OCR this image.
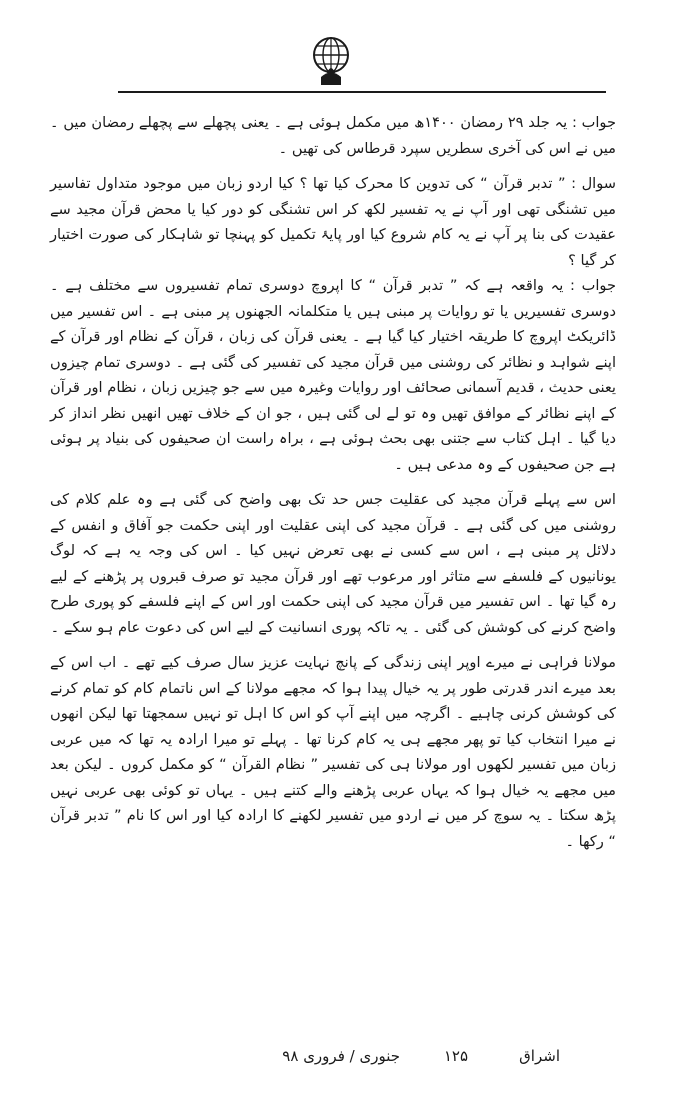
جواب : یہ جلد ۲۹ رمضان ۱۴۰۰ھ میں مکمل ہوئی ہے ۔ یعنی پچھلے سے پچھلے رمضان میں ۔ میں نے اس کی آخری سطریں سپرد قرطاس کی تھیں ۔

سوال : ” تدبر قرآن “ کی تدوین کا محرک کیا تھا ؟ کیا اردو زبان میں موجود متداول تفاسیر میں تشنگی تھی اور آپ نے یہ تفسیر لکھ کر اس تشنگی کو دور کیا یا محض قرآن مجید سے عقیدت کی بنا پر آپ نے یہ کام شروع کیا اور پایۂ تکمیل کو پہنچا تو شاہکار کی صورت اختیار کر گیا ؟

جواب : یہ واقعہ ہے کہ ” تدبر قرآن “ کا اپروچ دوسری تمام تفسیروں سے مختلف ہے ۔ دوسری تفسیریں یا تو روایات پر مبنی ہیں یا متکلمانہ الجھنوں پر مبنی ہے ۔ اس تفسیر میں ڈائریکٹ اپروچ کا طریقہ اختیار کیا گیا ہے ۔ یعنی قرآن کی زبان ، قرآن کے نظام اور قرآن کے اپنے شواہد و نظائر کی روشنی میں قرآن مجید کی تفسیر کی گئی ہے ۔ دوسری تمام چیزوں یعنی حدیث ، قدیم آسمانی صحائف اور روایات وغیرہ میں سے جو چیزیں زبان ، نظام اور قرآن کے اپنے نظائر کے موافق تھیں وہ تو لے لی گئی ہیں ، جو ان کے خلاف تھیں انھیں نظر انداز کر دیا گیا ۔ اہل کتاب سے جتنی بھی بحث ہوئی ہے ، براہ راست ان صحیفوں کی بنیاد پر ہوئی ہے جن صحیفوں کے وہ مدعی ہیں ۔

اس سے پہلے قرآن مجید کی عقلیت جس حد تک بھی واضح کی گئی ہے وہ علم کلام کی روشنی میں کی گئی ہے ۔ قرآن مجید کی اپنی عقلیت اور اپنی حکمت جو آفاق و انفس کے دلائل پر مبنی ہے ، اس سے کسی نے بھی تعرض نہیں کیا ۔ اس کی وجہ یہ ہے کہ لوگ یونانیوں کے فلسفے سے متاثر اور مرعوب تھے اور قرآن مجید تو صرف قبروں پر پڑھنے کے لیے رہ گیا تھا ۔ اس تفسیر میں قرآن مجید کی اپنی حکمت اور اس کے اپنے فلسفے کو پوری طرح واضح کرنے کی کوشش کی گئی ۔ یہ تاکہ پوری انسانیت کے لیے اس کی دعوت عام ہو سکے ۔

مولانا فراہی نے میرے اوپر اپنی زندگی کے پانچ نہایت عزیز سال صرف کیے تھے ۔ اب اس کے بعد میرے اندر قدرتی طور پر یہ خیال پیدا ہوا کہ مجھے مولانا کے اس ناتمام کام کو تمام کرنے کی کوشش کرنی چاہیے ۔ اگرچہ میں اپنے آپ کو اس کا اہل تو نہیں سمجھتا تھا لیکن انھوں نے میرا انتخاب کیا تو پھر مجھے ہی یہ کام کرنا تھا ۔ پہلے تو میرا ارادہ یہ تھا کہ میں عربی زبان میں تفسیر لکھوں اور مولانا ہی کی تفسیر ” نظام القرآن “ کو مکمل کروں ۔ لیکن بعد میں مجھے یہ خیال ہوا کہ یہاں عربی پڑھنے والے کتنے ہیں ۔ یہاں تو کوئی بھی عربی نہیں پڑھ سکتا ۔ یہ سوچ کر میں نے اردو میں تفسیر لکھنے کا ارادہ کیا اور اس کا نام ” تدبر قرآن “ رکھا ۔

اشراق
۱۲۵
جنوری / فروری ۹۸
